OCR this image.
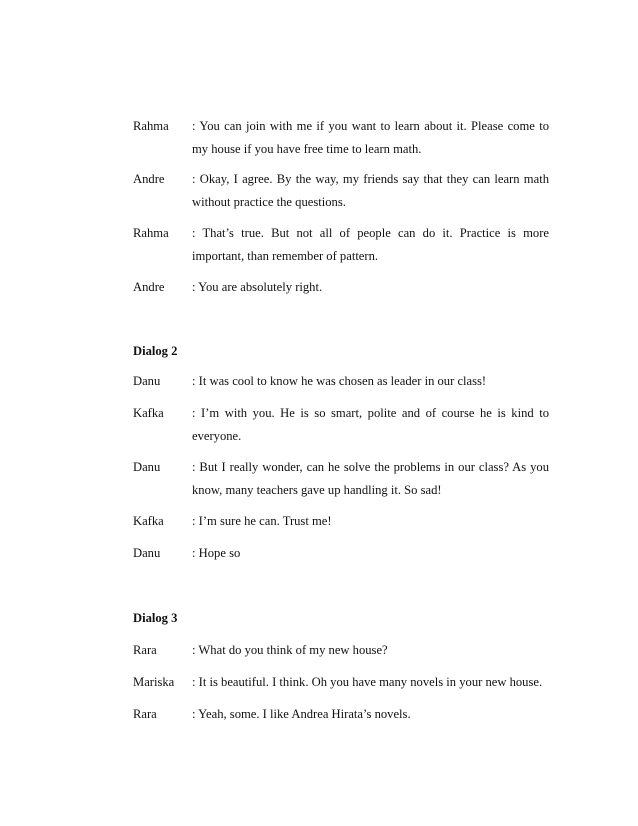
Rahma : You can join with me if you want to learn about it. Please come to my house if you have free time to learn math.
Andre : Okay, I agree. By the way, my friends say that they can learn math without practice the questions.
Rahma : That’s true. But not all of people can do it. Practice is more important, than remember of pattern.
Andre : You are absolutely right.
Dialog 2
Danu	: It was cool to know he was chosen as leader in our class!
Kafka : I’m with you. He is so smart, polite and of course he is kind to everyone.
Danu	: But I really wonder, can he solve the problems in our class? As you know, many teachers gave up handling it. So sad!
Kafka : I’m sure he can. Trust me!
Danu	: Hope so
Dialog 3
Rara	: What do you think of my new house?
Mariska : It is beautiful. I think. Oh you have many novels in your new house.
Rara	: Yeah, some. I like Andrea Hirata’s novels.
